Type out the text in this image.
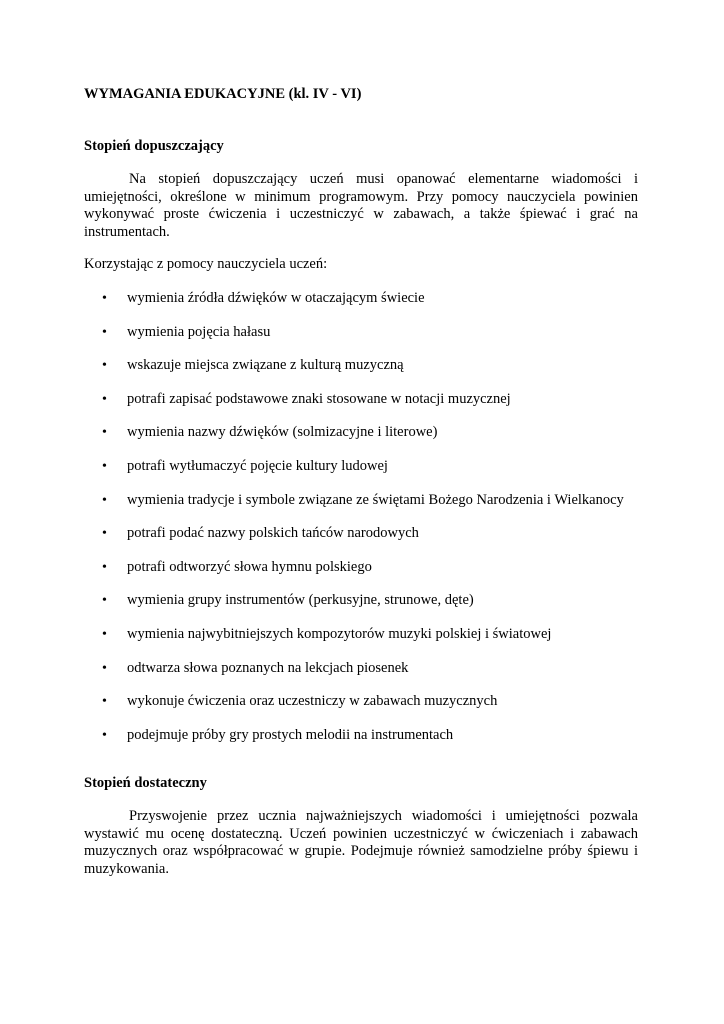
WYMAGANIA EDUKACYJNE (kl. IV - VI)
Stopień dopuszczający

Na stopień dopuszczający uczeń musi opanować elementarne wiadomości i umiejętności, określone w minimum programowym. Przy pomocy nauczyciela powinien wykonywać proste ćwiczenia i uczestniczyć w zabawach, a także śpiewać i grać na instrumentach.

Korzystając z pomocy nauczyciela uczeń:
• wymienia źródła dźwięków w otaczającym świecie
• wymienia pojęcia hałasu
• wskazuje miejsca związane z kulturą muzyczną
• potrafi zapisać podstawowe znaki stosowane w notacji muzycznej
• wymienia nazwy dźwięków (solmizacyjne i literowe)
• potrafi wytłumaczyć pojęcie kultury ludowej
• wymienia tradycje i symbole związane ze świętami Bożego Narodzenia i Wielkanocy
• potrafi podać nazwy polskich tańców narodowych
• potrafi odtworzyć słowa hymnu polskiego
• wymienia grupy instrumentów (perkusyjne, strunowe, dęte)
• wymienia najwybitniejszych kompozytorów muzyki polskiej i światowej
• odtwarza słowa poznanych na lekcjach piosenek
• wykonuje ćwiczenia oraz uczestniczy w zabawach muzycznych
• podejmuje próby gry prostych melodii na instrumentach
Stopień dostateczny

Przyswojenie przez ucznia najważniejszych wiadomości i umiejętności pozwala wystawić mu ocenę dostateczną. Uczeń powinien uczestniczyć w ćwiczeniach i zabawach muzycznych oraz współpracować w grupie. Podejmuje również samodzielne próby śpiewu i muzykowania.
